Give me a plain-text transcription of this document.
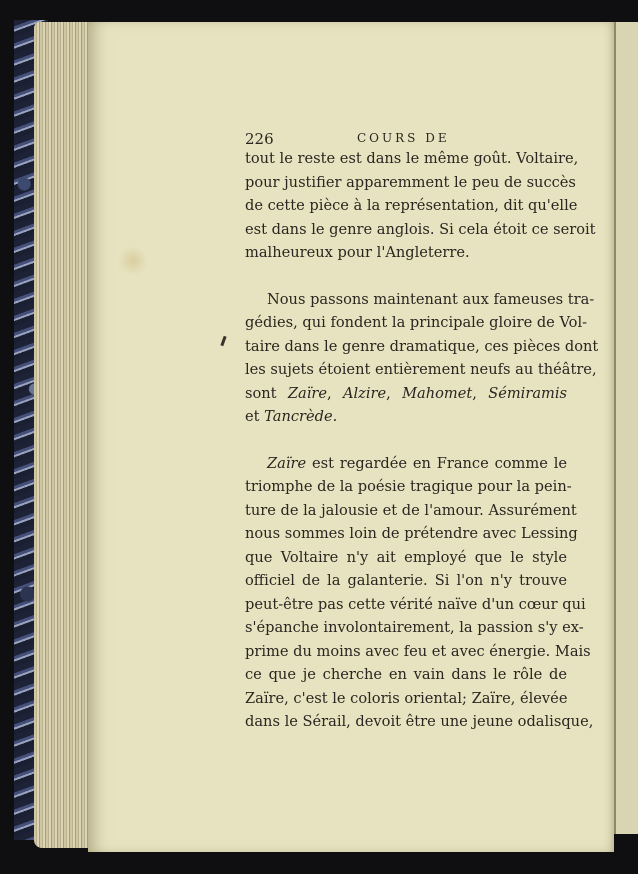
226	COURS DE

tout le reste est dans le même goût. Voltaire,
pour justifier apparemment le peu de succès
de cette pièce à la représentation, dit qu'elle
est dans le genre anglois. Si cela étoit ce seroit
malheureux pour l'Angleterre.

Nous passons maintenant aux fameuses tra-
gédies, qui fondent la principale gloire de Vol-
taire dans le genre dramatique, ces pièces dont
les sujets étoient entièrement neufs au théâtre,
sont Zaïre, Alzire, Mahomet, Sémiramis
et Tancrède.

Zaïre est regardée en France comme le
triomphe de la poésie tragique pour la pein-
ture de la jalousie et de l'amour. Assurément
nous sommes loin de prétendre avec Lessing
que Voltaire n'y ait employé que le style
officiel de la galanterie. Si l'on n'y trouve
peut-être pas cette vérité naïve d'un cœur qui
s'épanche involontairement, la passion s'y ex-
prime du moins avec feu et avec énergie. Mais
ce que je cherche en vain dans le rôle de
Zaïre, c'est le coloris oriental; Zaïre, élevée
dans le Sérail, devoit être une jeune odalisque,
